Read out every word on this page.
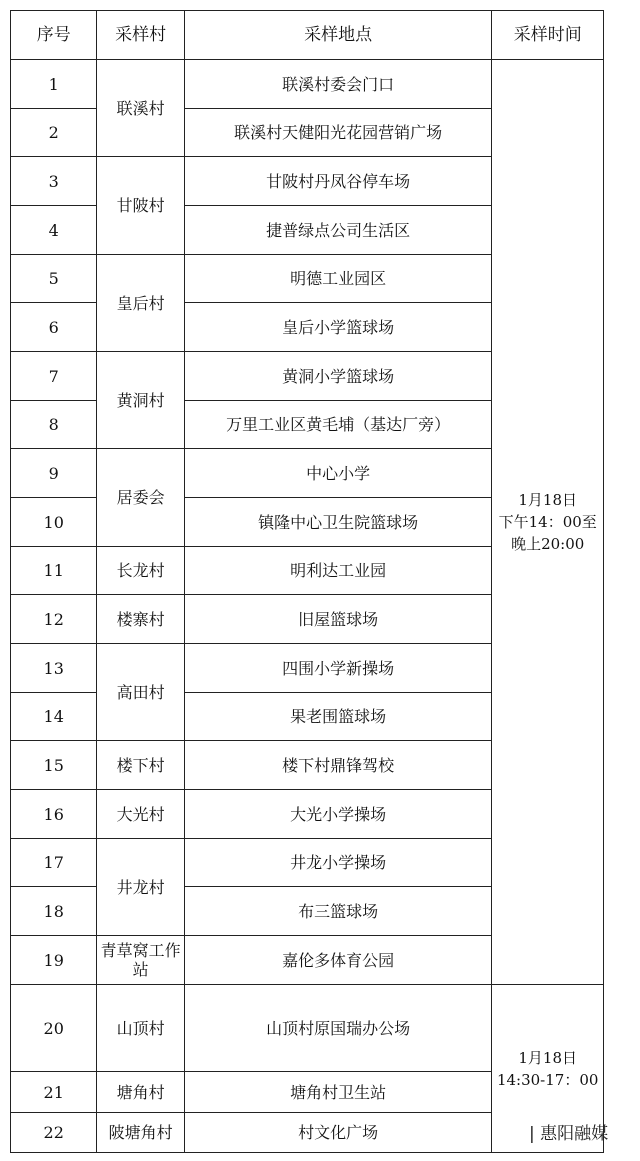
序号	采样村	采样地点	采样时间
1	联溪村	联溪村委会门口	1月18日
下午14：00至
晚上20:00
2		联溪村天健阳光花园营销广场	
3	甘陂村	甘陂村丹凤谷停车场	
4		捷普绿点公司生活区	
5	皇后村	明德工业园区	
6		皇后小学篮球场	
7	黄洞村	黄洞小学篮球场	
8		万里工业区黄毛埔（基达厂旁）	
9	居委会	中心小学	
10		镇隆中心卫生院篮球场	
11	长龙村	明利达工业园	
12	楼寨村	旧屋篮球场	
13	高田村	四围小学新操场	
14		果老围篮球场	
15	楼下村	楼下村鼎锋驾校	
16	大光村	大光小学操场	
17	井龙村	井龙小学操场	
18		布三篮球场	
19	青草窝工作站	嘉伦多体育公园	
20	山顶村	山顶村原国瑞办公场	1月18日
14:30-17：00
21	塘角村	塘角村卫生站	
22	陂塘角村	村文化广场		| 惠阳融媒
